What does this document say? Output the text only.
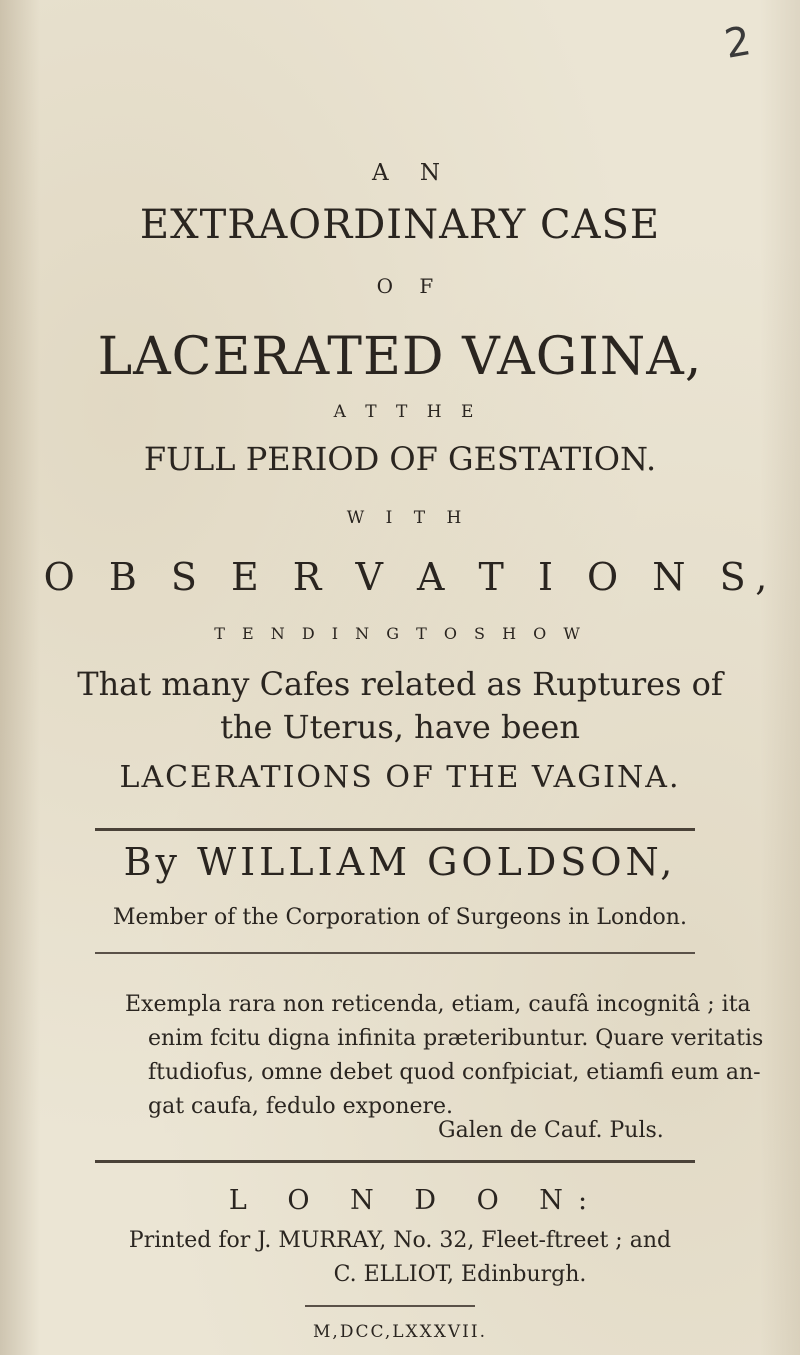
2
A N
EXTRAORDINARY CASE
O F
LACERATED VAGINA,
A T T H E
FULL PERIOD OF GESTATION.
W I T H
O B S E R V A T I O N S,
T E N D I N G T O S H O W
That many Cafes related as Ruptures of
the Uterus, have been
LACERATIONS OF THE VAGINA.
By WILLIAM GOLDSON,
Member of the Corporation of Surgeons in London.

Exempla rara non reticenda, etiam, caufâ incognitâ ; ita

enim fcitu digna infinita præteribuntur. Quare veritatis

ftudiofus, omne debet quod confpiciat, etiamfi eum an-

gat caufa, fedulo exponere.

Galen de Cauf. Puls.
L O N D O N:
Printed for J. MURRAY, No. 32, Fleet-ftreet ; and
C. ELLIOT, Edinburgh.
M,DCC,LXXXVII.
